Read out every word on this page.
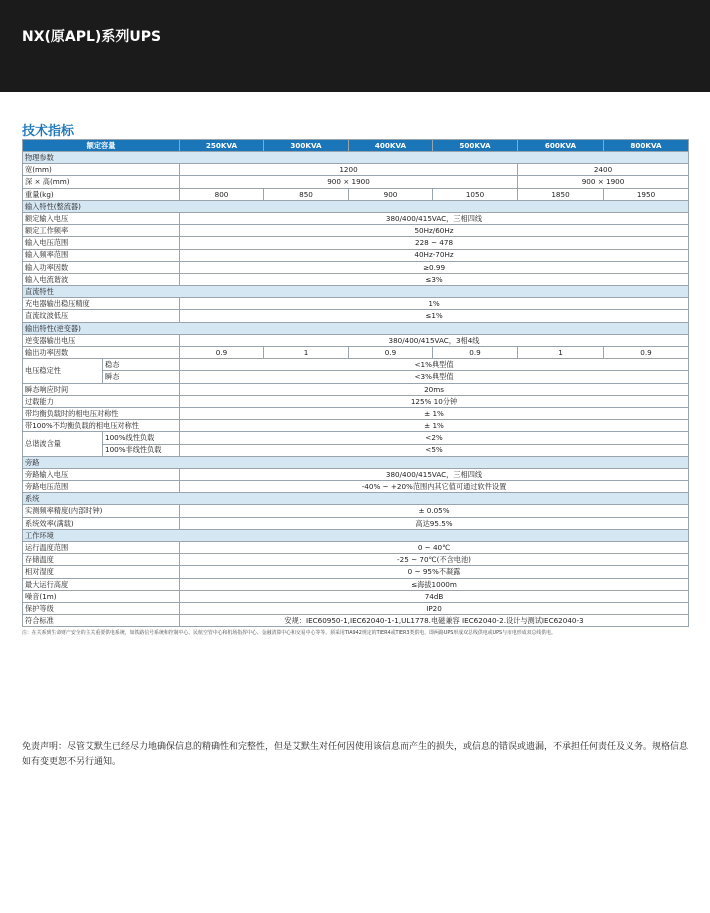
NX(原APL)系列UPS
技术指标
额定容量		250KVA	300KVA	400KVA	500KVA	600KVA	800KVA
物理参数							
宽(mm)		1200				2400	
深 × 高(mm)		900 × 1900				900 × 1900	
重量(kg)		800	850	900	1050	1850	1950
输入特性(整流器)							
额定输入电压		380/400/415VAC，三相四线					
额定工作频率		50Hz/60Hz					
输入电压范围		228 ~ 478					
输入频率范围		40Hz-70Hz					
输入功率因数		≥0.99					
输入电流谐波		≤3%					
直流特性							
充电器输出稳压精度		1%					
直流纹波低压		≤1%					
输出特性(逆变器)							
逆变器输出电压		380/400/415VAC，3相4线					
输出功率因数		0.9	1	0.9	0.9	1	0.9
电压稳定性	稳态	<1%典型值					
	瞬态	<3%典型值					
瞬态响应时间		20ms					
过载能力		125% 10分钟					
带均衡负载时的相电压对称性		± 1%					
带100%不均衡负载的相电压对称性		± 1%					
总谐波含量	100%线性负载	<2%					
	100%非线性负载	<5%					
旁路							
旁路输入电压		380/400/415VAC，三相四线					
旁路电压范围		-40% ~ +20%范围内其它值可通过软件设置					
系统							
实测频率精度(内部时钟)		± 0.05%					
系统效率(满载)		高达95.5%					
工作环境							
运行温度范围		0 ~ 40℃					
存储温度		-25 ~ 70℃(不含电池)					
相对湿度		0 ~ 95%不凝露					
最大运行高度		≤海拔1000m					
噪音(1m)		74dB					
保护等级		IP20					
符合标准		安规：IEC60950-1,IEC62040-1-1,UL1778.电磁兼容 IEC62040-2.设计与测试IEC62040-3					
注：在关系到生命财产安全的主关重要供电系统，如铁路信号系统和控制中心、民航空管中心和机场指挥中心、金融清算中心和交易中心等等，须采用TIA942规定的TIER4或TIER3类供电，即两路UPS形成双总线供电或UPS与市电形成双总线供电。
免责声明：尽管艾默生已经尽力地确保信息的精确性和完整性，但是艾默生对任何因使用该信息而产生的损失，或信息的错误或遗漏，不承担任何责任及义务。规格信息如有变更恕不另行通知。
